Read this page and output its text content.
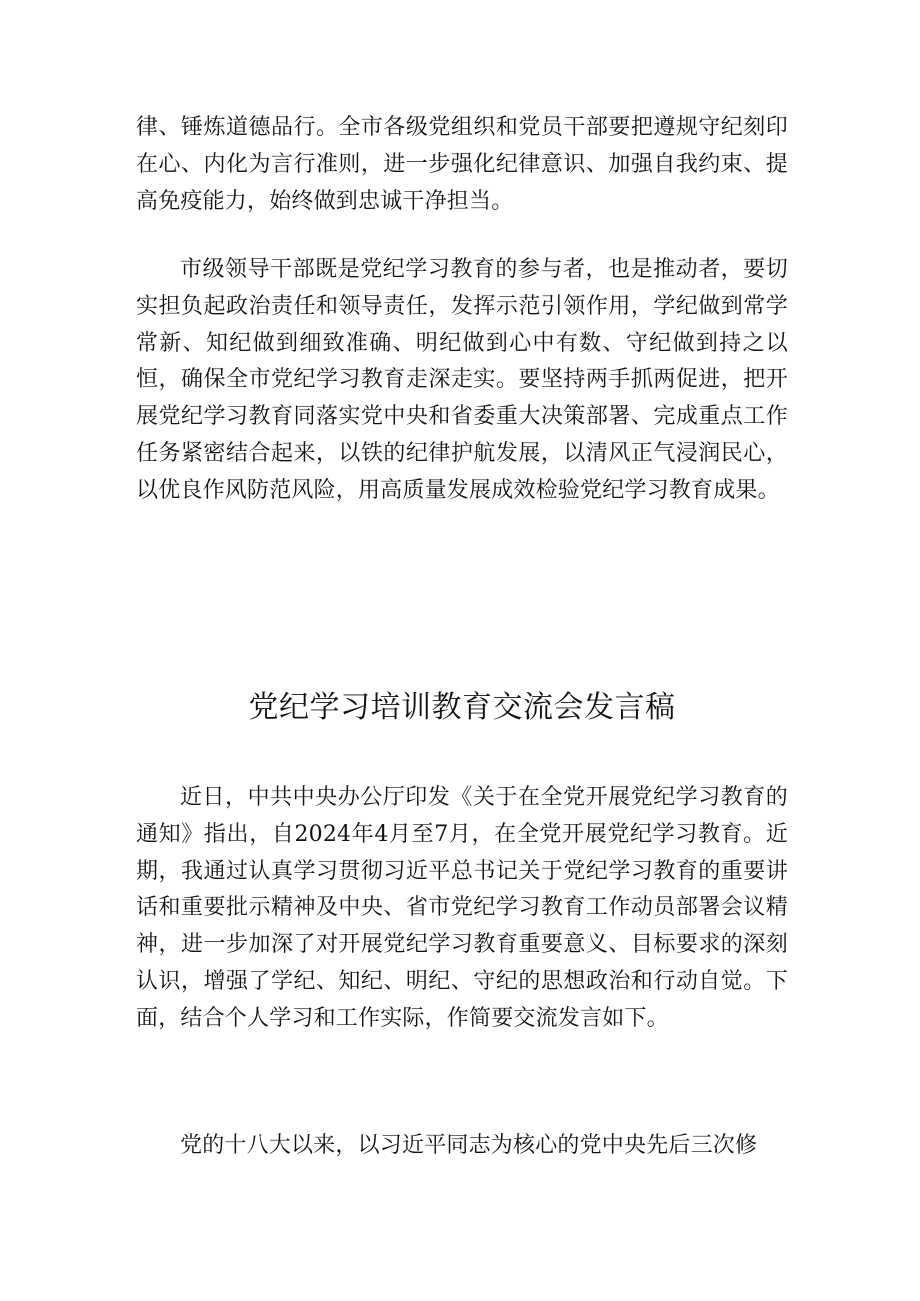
律、锤炼道德品行。全市各级党组织和党员干部要把遵规守纪刻印在心、内化为言行准则，进一步强化纪律意识、加强自我约束、提高免疫能力，始终做到忠诚干净担当。

市级领导干部既是党纪学习教育的参与者，也是推动者，要切实担负起政治责任和领导责任，发挥示范引领作用，学纪做到常学常新、知纪做到细致准确、明纪做到心中有数、守纪做到持之以恒，确保全市党纪学习教育走深走实。要坚持两手抓两促进，把开展党纪学习教育同落实党中央和省委重大决策部署、完成重点工作任务紧密结合起来，以铁的纪律护航发展，以清风正气浸润民心，以优良作风防范风险，用高质量发展成效检验党纪学习教育成果。

党纪学习培训教育交流会发言稿

近日，中共中央办公厅印发《关于在全党开展党纪学习教育的通知》指出，自2024年4月至7月，在全党开展党纪学习教育。近期，我通过认真学习贯彻习近平总书记关于党纪学习教育的重要讲话和重要批示精神及中央、省市党纪学习教育工作动员部署会议精神，进一步加深了对开展党纪学习教育重要意义、目标要求的深刻认识，增强了学纪、知纪、明纪、守纪的思想政治和行动自觉。下面，结合个人学习和工作实际，作简要交流发言如下。

党的十八大以来，以习近平同志为核心的党中央先后三次修
